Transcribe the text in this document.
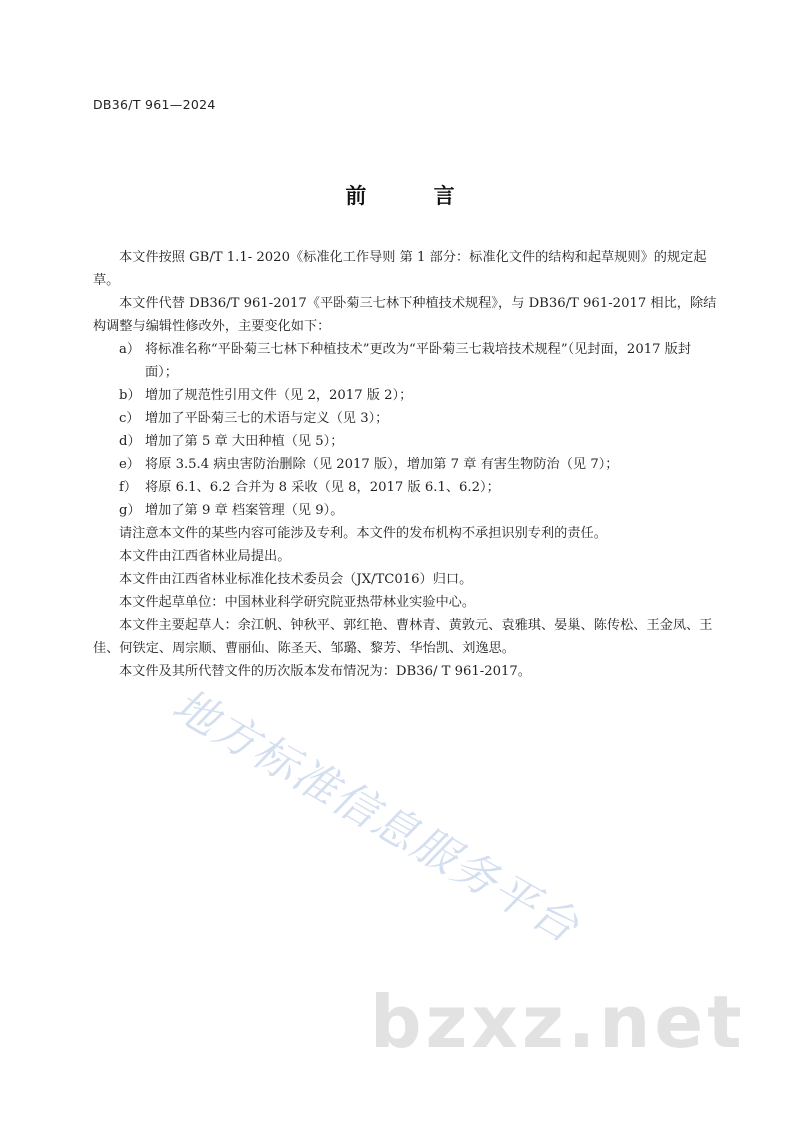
DB36/T 961—2024
前 言

本文件按照 GB/T 1.1- 2020《标准化工作导则 第 1 部分：标准化文件的结构和起草规则》的规定起草。

本文件代替 DB36/T 961-2017《平卧菊三七林下种植技术规程》，与 DB36/T 961-2017 相比，除结构调整与编辑性修改外，主要变化如下：

a） 将标准名称“平卧菊三七林下种植技术”更改为“平卧菊三七栽培技术规程”（见封面，2017 版封面）；
b） 增加了规范性引用文件（见 2，2017 版 2）；
c） 增加了平卧菊三七的术语与定义（见 3）；
d） 增加了第 5 章 大田种植（见 5）；
e） 将原 3.5.4 病虫害防治删除（见 2017 版），增加第 7 章 有害生物防治（见 7）；
f） 将原 6.1、6.2 合并为 8 采收（见 8，2017 版 6.1、6.2）；
g） 增加了第 9 章 档案管理（见 9）。

请注意本文件的某些内容可能涉及专利。本文件的发布机构不承担识别专利的责任。

本文件由江西省林业局提出。

本文件由江西省林业标准化技术委员会（JX/TC016）归口。

本文件起草单位：中国林业科学研究院亚热带林业实验中心。

本文件主要起草人：余江帆、钟秋平、郭红艳、曹林青、黄敦元、袁雅琪、晏巢、陈传松、王金凤、王佳、何铁定、周宗顺、曹丽仙、陈圣天、邹璐、黎芳、华怡凯、刘逸思。

本文件及其所代替文件的历次版本发布情况为：DB36/ T 961-2017。

地方标准信息服务平台
bzxz.net
